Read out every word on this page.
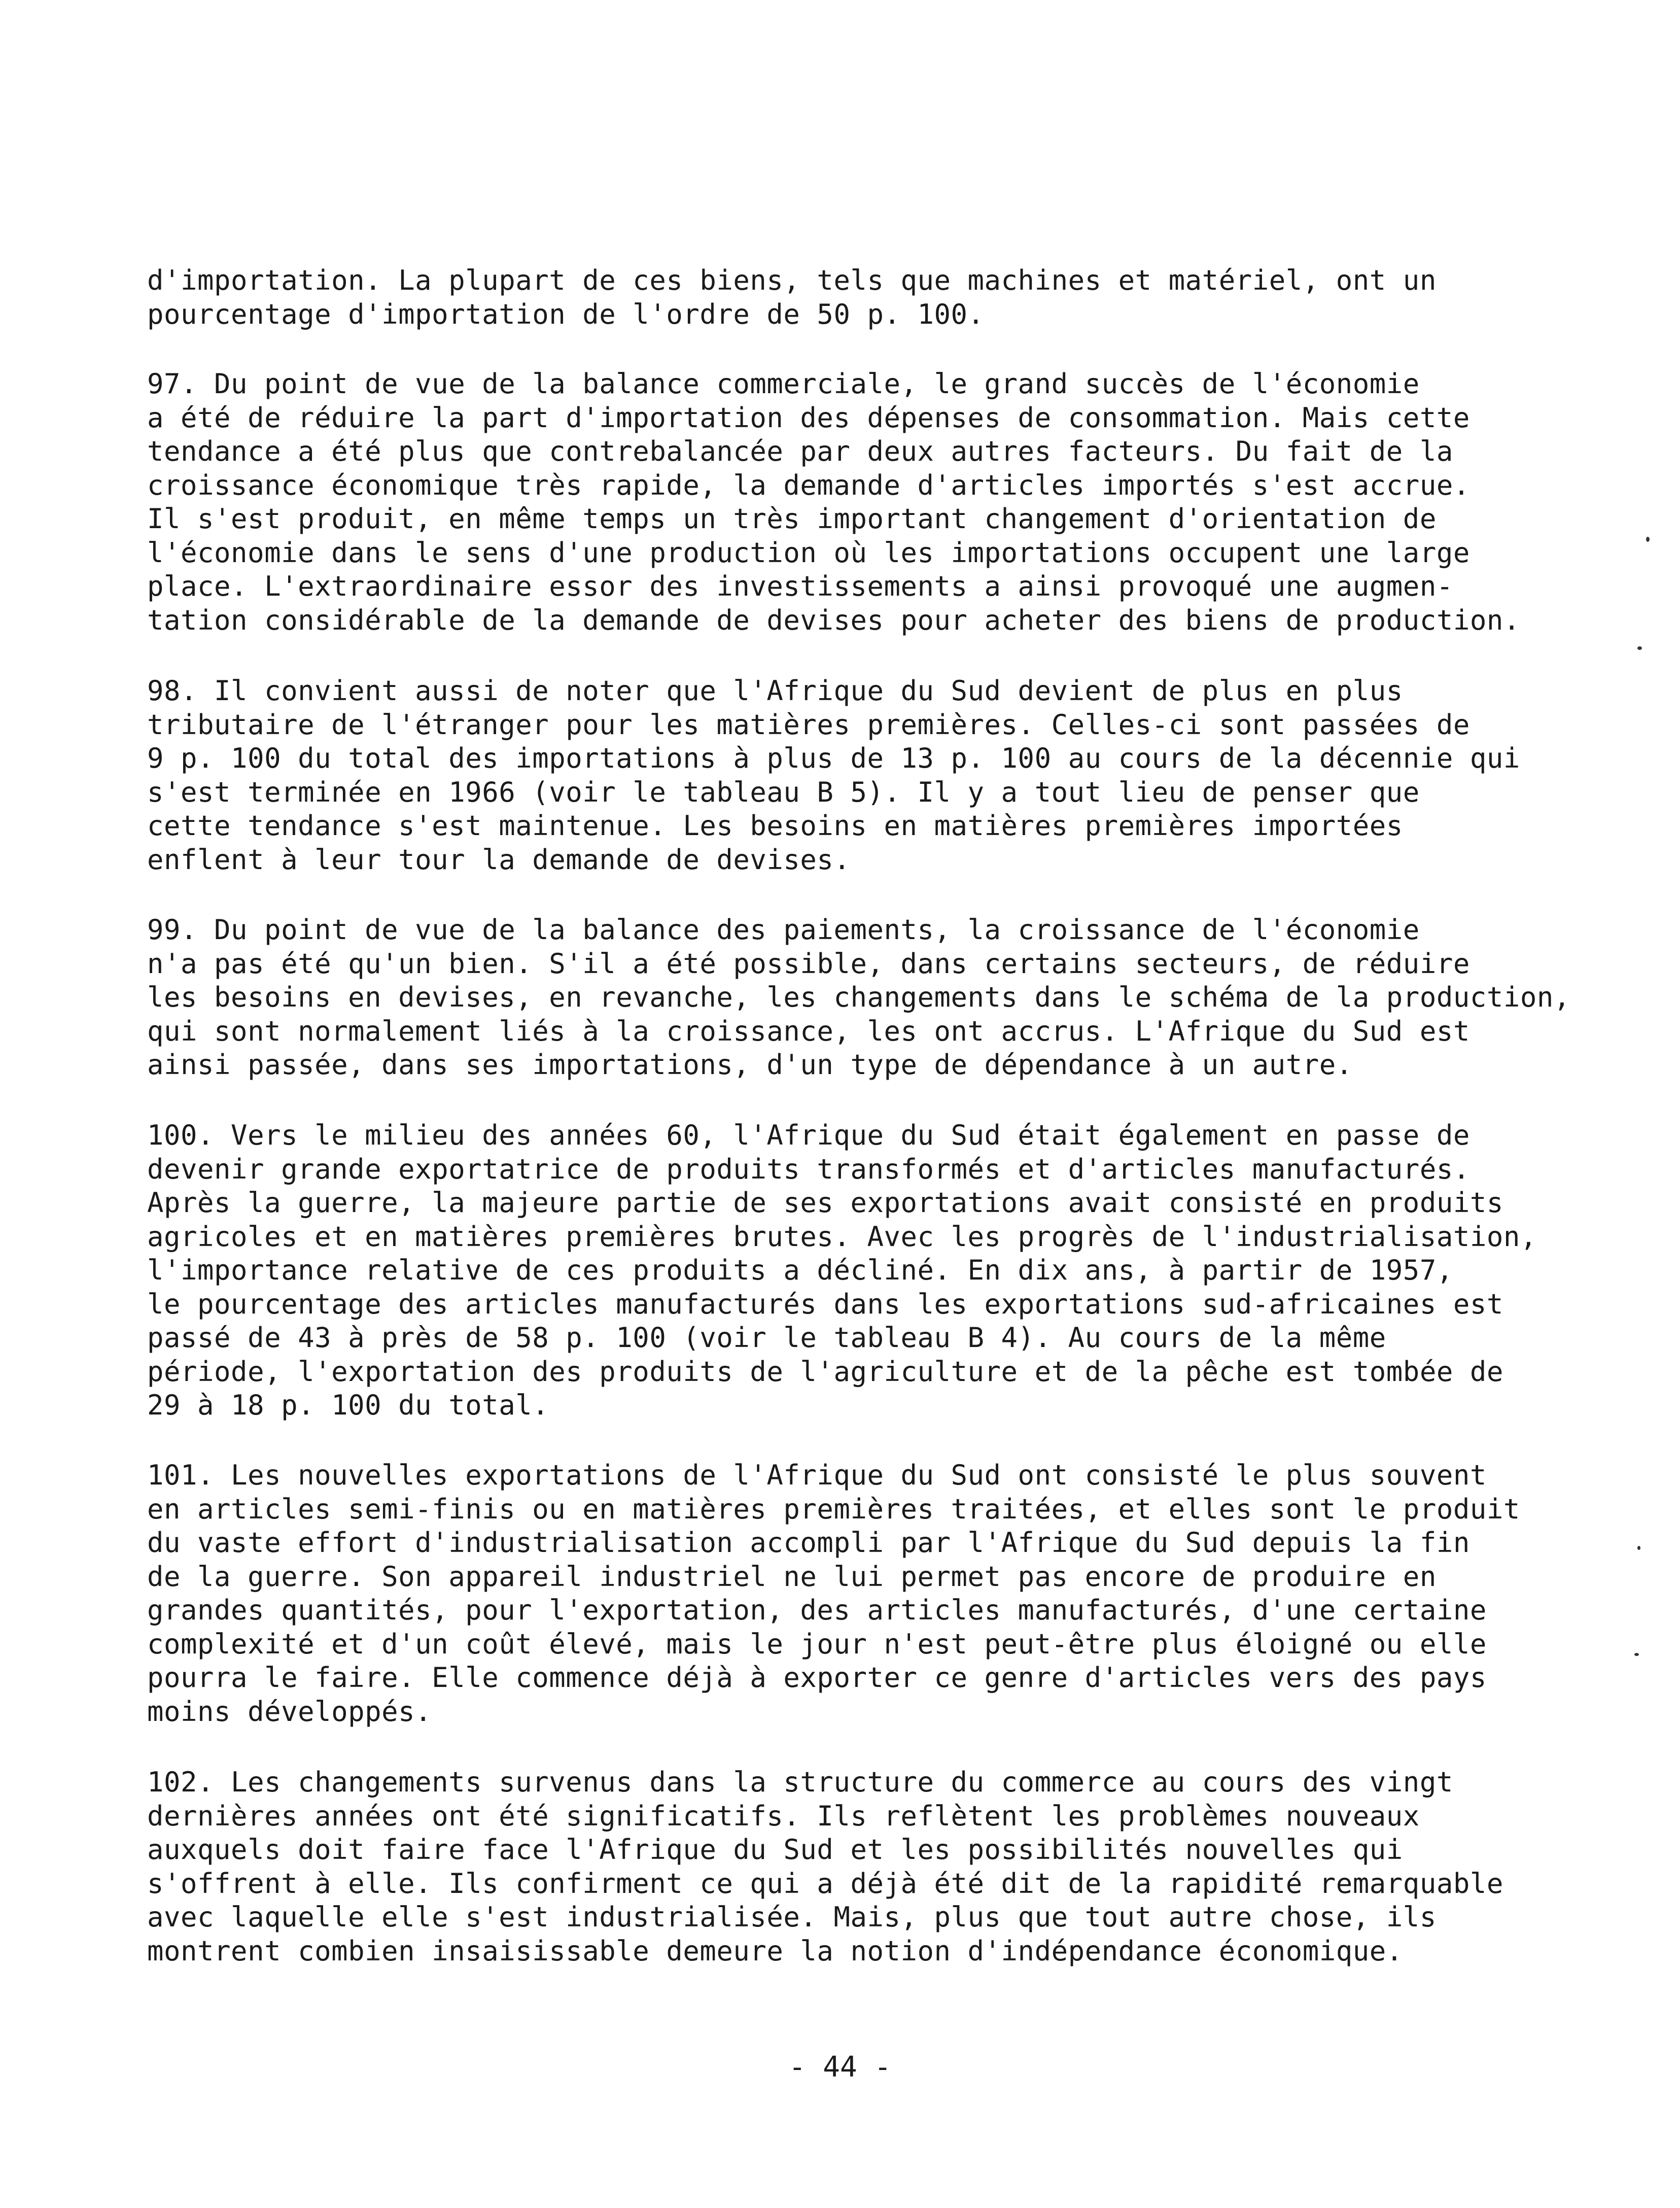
d'importation. La plupart de ces biens, tels que machines et matériel, ont un
pourcentage d'importation de l'ordre de 50 p. 100.
97. Du point de vue de la balance commerciale, le grand succès de l'économie
a été de réduire la part d'importation des dépenses de consommation. Mais cette
tendance a été plus que contrebalancée par deux autres facteurs. Du fait de la
croissance économique très rapide, la demande d'articles importés s'est accrue.
Il s'est produit, en même temps un très important changement d'orientation de
l'économie dans le sens d'une production où les importations occupent une large
place. L'extraordinaire essor des investissements a ainsi provoqué une augmen-
tation considérable de la demande de devises pour acheter des biens de production.
98. Il convient aussi de noter que l'Afrique du Sud devient de plus en plus
tributaire de l'étranger pour les matières premières. Celles-ci sont passées de
9 p. 100 du total des importations à plus de 13 p. 100 au cours de la décennie qui
s'est terminée en 1966 (voir le tableau B 5). Il y a tout lieu de penser que
cette tendance s'est maintenue. Les besoins en matières premières importées
enflent à leur tour la demande de devises.
99. Du point de vue de la balance des paiements, la croissance de l'économie
n'a pas été qu'un bien. S'il a été possible, dans certains secteurs, de réduire
les besoins en devises, en revanche, les changements dans le schéma de la production,
qui sont normalement liés à la croissance, les ont accrus. L'Afrique du Sud est
ainsi passée, dans ses importations, d'un type de dépendance à un autre.
100. Vers le milieu des années 60, l'Afrique du Sud était également en passe de
devenir grande exportatrice de produits transformés et d'articles manufacturés.
Après la guerre, la majeure partie de ses exportations avait consisté en produits
agricoles et en matières premières brutes. Avec les progrès de l'industrialisation,
l'importance relative de ces produits a décliné. En dix ans, à partir de 1957,
le pourcentage des articles manufacturés dans les exportations sud-africaines est
passé de 43 à près de 58 p. 100 (voir le tableau B 4). Au cours de la même
période, l'exportation des produits de l'agriculture et de la pêche est tombée de
29 à 18 p. 100 du total.
101. Les nouvelles exportations de l'Afrique du Sud ont consisté le plus souvent
en articles semi-finis ou en matières premières traitées, et elles sont le produit
du vaste effort d'industrialisation accompli par l'Afrique du Sud depuis la fin
de la guerre. Son appareil industriel ne lui permet pas encore de produire en
grandes quantités, pour l'exportation, des articles manufacturés, d'une certaine
complexité et d'un coût élevé, mais le jour n'est peut-être plus éloigné ou elle
pourra le faire. Elle commence déjà à exporter ce genre d'articles vers des pays
moins développés.
102. Les changements survenus dans la structure du commerce au cours des vingt
dernières années ont été significatifs. Ils reflètent les problèmes nouveaux
auxquels doit faire face l'Afrique du Sud et les possibilités nouvelles qui
s'offrent à elle. Ils confirment ce qui a déjà été dit de la rapidité remarquable
avec laquelle elle s'est industrialisée. Mais, plus que tout autre chose, ils
montrent combien insaisissable demeure la notion d'indépendance économique.
- 44 -
